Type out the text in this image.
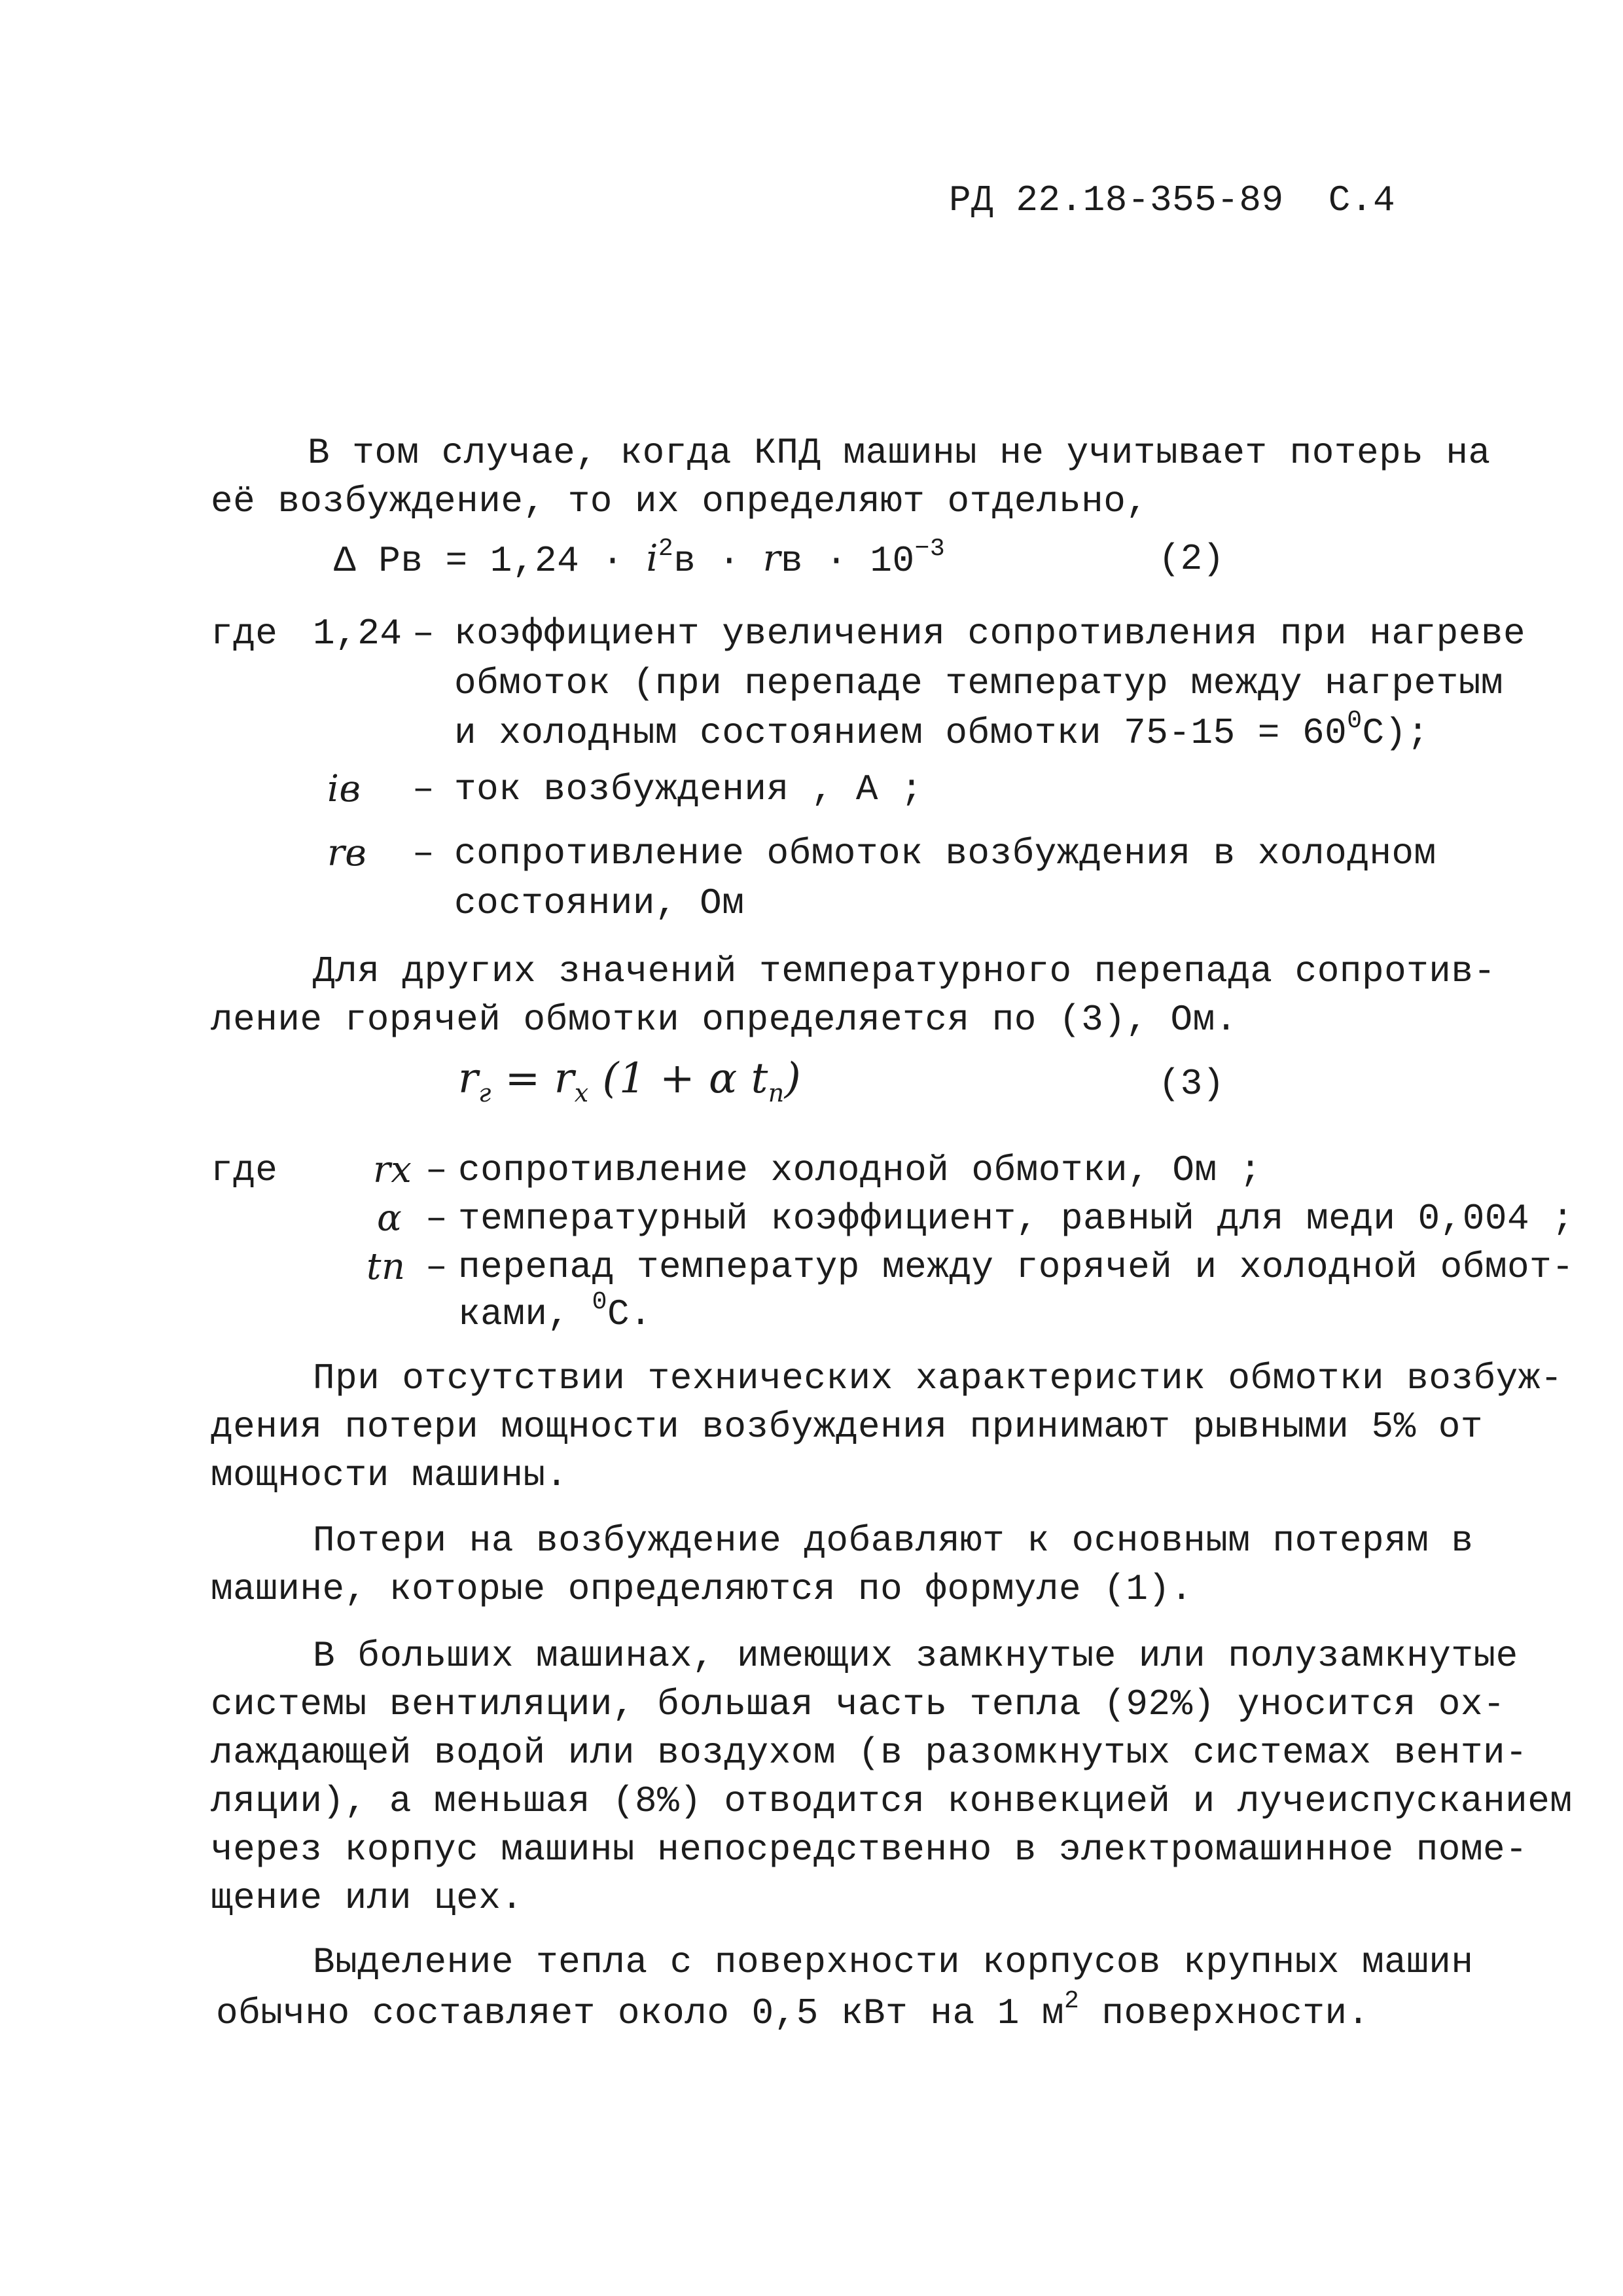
РД 22.18-355-89  С.4
В том случае, когда КПД машины не учитывает потерь на
её возбуждение, то их определяют отдельно,
Δ Рв = $1,24 \cdot i^2в$ · rв · $10^{-3}$	(2)
где 1,24 – коэффициент увеличения сопротивления при нагреве
обмоток (при перепаде температур между нагретым
и холодным состоянием обмотки $75-15 = 60^0С$);
iв – ток возбуждения , А ;
rв – сопротивление обмоток возбуждения в холодном
состоянии, Ом
Для других значений температурного перепада сопротив-
ление горячей обмотки определяется по (3), Ом.
$r_г = r_х$ (1 + α $t_п$)	(3)
где	rх – сопротивление холодной обмотки, Ом ;
α – температурный коэффициент, равный для меди 0,004 ;
tп – перепад температур между горячей и холодной обмот-
ками, $^0$С.
При отсутствии технических характеристик обмотки возбуж-
дения потери мощности возбуждения принимают рывными 5% от
мощности машины.
Потери на возбуждение добавляют к основным потерям в
машине, которые определяются по формуле (1).
В больших машинах, имеющих замкнутые или полузамкнутые
системы вентиляции, большая часть тепла (92%) уносится ох-
лаждающей водой или воздухом (в разомкнутых системах венти-
ляции), а меньшая (8%) отводится конвекцией и лучеиспусканием
через корпус машины непосредственно в электромашинное поме-
щение или цех.
Выделение тепла с поверхности корпусов крупных машин
обычно составляет около 0,5 кВт на 1 $м^2$ поверхности.
